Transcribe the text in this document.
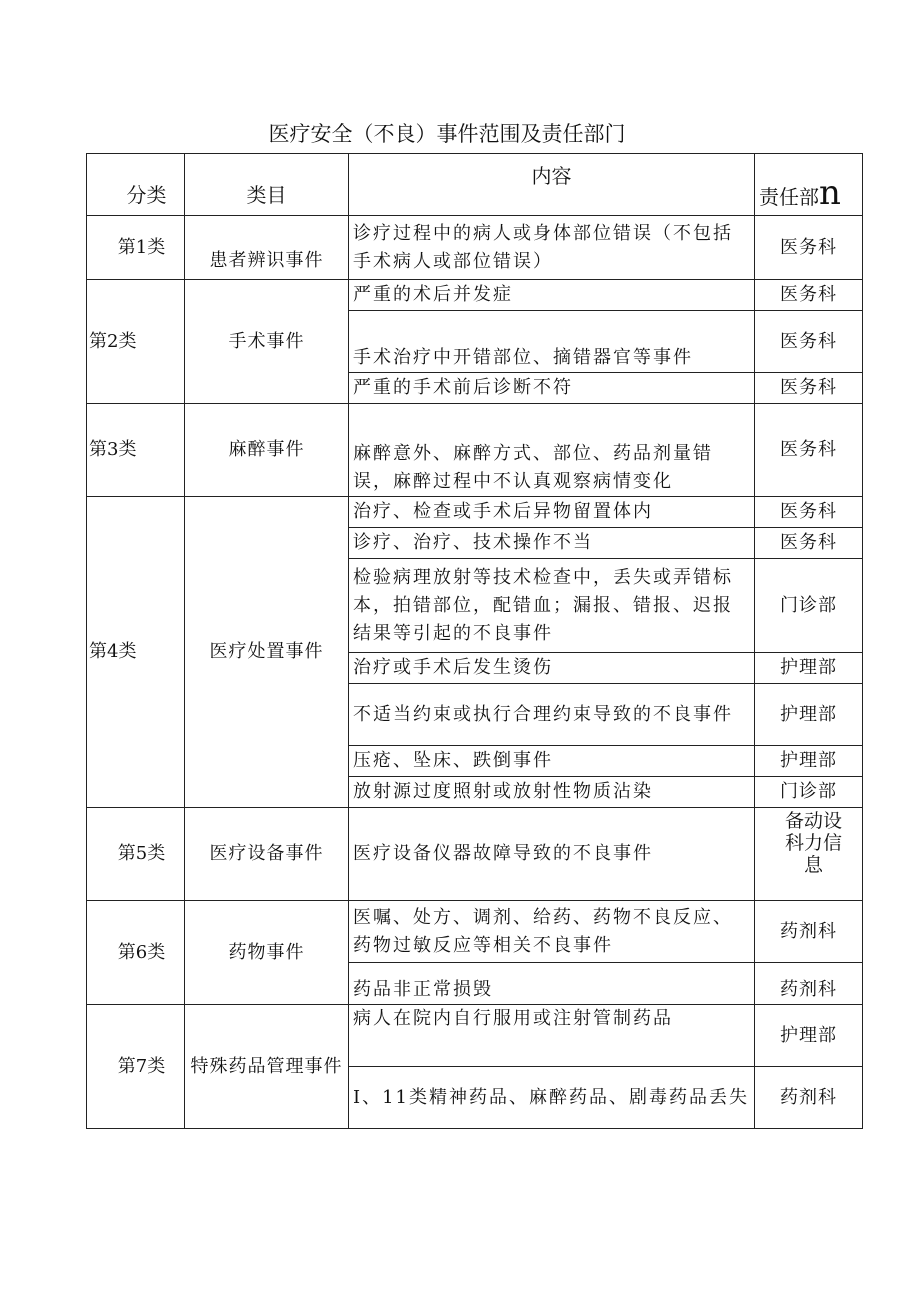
医疗安全（不良）事件范围及责任部门
分类	类目	内容	责任部n
第1类	患者辨识事件	诊疗过程中的病人或身体部位错误（不包括手术病人或部位错误）	医务科
第2类	手术事件	严重的术后并发症	医务科
		手术治疗中开错部位、摘错器官等事件	医务科
		严重的手术前后诊断不符	医务科
第3类	麻醉事件	麻醉意外、麻醉方式、部位、药品剂量错误，麻醉过程中不认真观察病情变化	医务科
第4类	医疗处置事件	治疗、检查或手术后异物留置体内	医务科
		诊疗、治疗、技术操作不当	医务科
		检验病理放射等技术检查中，丢失或弄错标本，拍错部位，配错血；漏报、错报、迟报结果等引起的不良事件	门诊部
		治疗或手术后发生烫伤	护理部
		不适当约束或执行合理约束导致的不良事件	护理部
		压疮、坠床、跌倒事件	护理部
		放射源过度照射或放射性物质沾染	门诊部
第5类	医疗设备事件	医疗设备仪器故障导致的不良事件	备动设科力信息
第6类	药物事件	医嘱、处方、调剂、给药、药物不良反应、药物过敏反应等相关不良事件	药剂科
		药品非正常损毁	药剂科
第7类	特殊药品管理事件	病人在院内自行服用或注射管制药品	护理部
		I、11类精神药品、麻醉药品、剧毒药品丢失	药剂科
